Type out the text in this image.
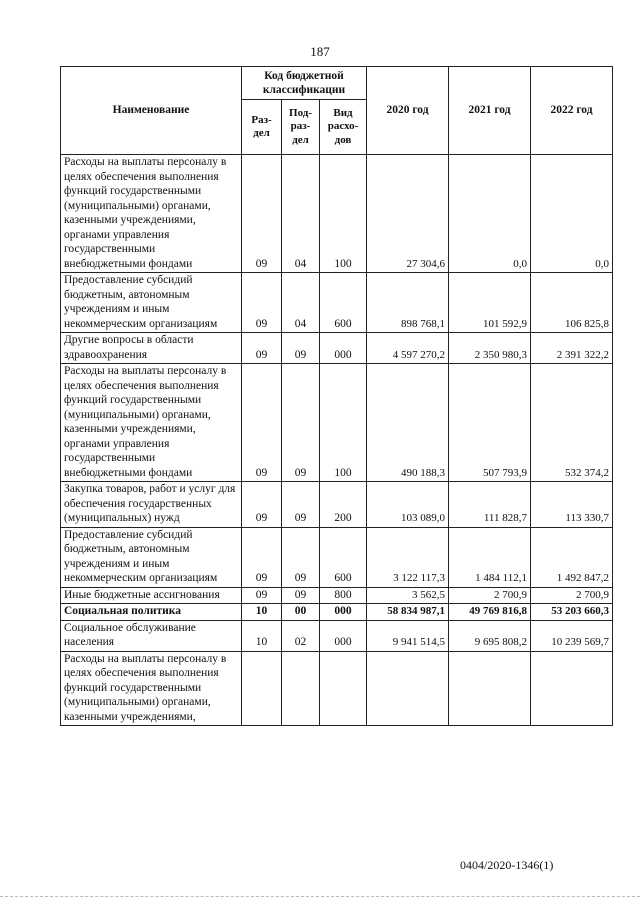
187
Наименование	Код бюджетной классификации			2020 год	2021 год	2022 год
	Раз- дел	Под- раз- дел	Вид расхо- дов			
Расходы на выплаты персоналу в целях обеспечения выполнения функций государственными (муниципальными) органами, казенными учреждениями, органами управления государственными внебюджетными фондами	09	04	100	27 304,6	0,0	0,0
Предоставление субсидий бюджетным, автономным учреждениям и иным некоммерческим организациям	09	04	600	898 768,1	101 592,9	106 825,8
Другие вопросы в области здравоохранения	09	09	000	4 597 270,2	2 350 980,3	2 391 322,2
Расходы на выплаты персоналу в целях обеспечения выполнения функций государственными (муниципальными) органами, казенными учреждениями, органами управления государственными внебюджетными фондами	09	09	100	490 188,3	507 793,9	532 374,2
Закупка товаров, работ и услуг для обеспечения государственных (муниципальных) нужд	09	09	200	103 089,0	111 828,7	113 330,7
Предоставление субсидий бюджетным, автономным учреждениям и иным некоммерческим организациям	09	09	600	3 122 117,3	1 484 112,1	1 492 847,2
Иные бюджетные ассигнования	09	09	800	3 562,5	2 700,9	2 700,9
Социальная политика	10	00	000	58 834 987,1	49 769 816,8	53 203 660,3
Социальное обслуживание населения	10	02	000	9 941 514,5	9 695 808,2	10 239 569,7
Расходы на выплаты персоналу в целях обеспечения выполнения функций государственными (муниципальными) органами, казенными учреждениями,						
0404/2020-1346(1)
